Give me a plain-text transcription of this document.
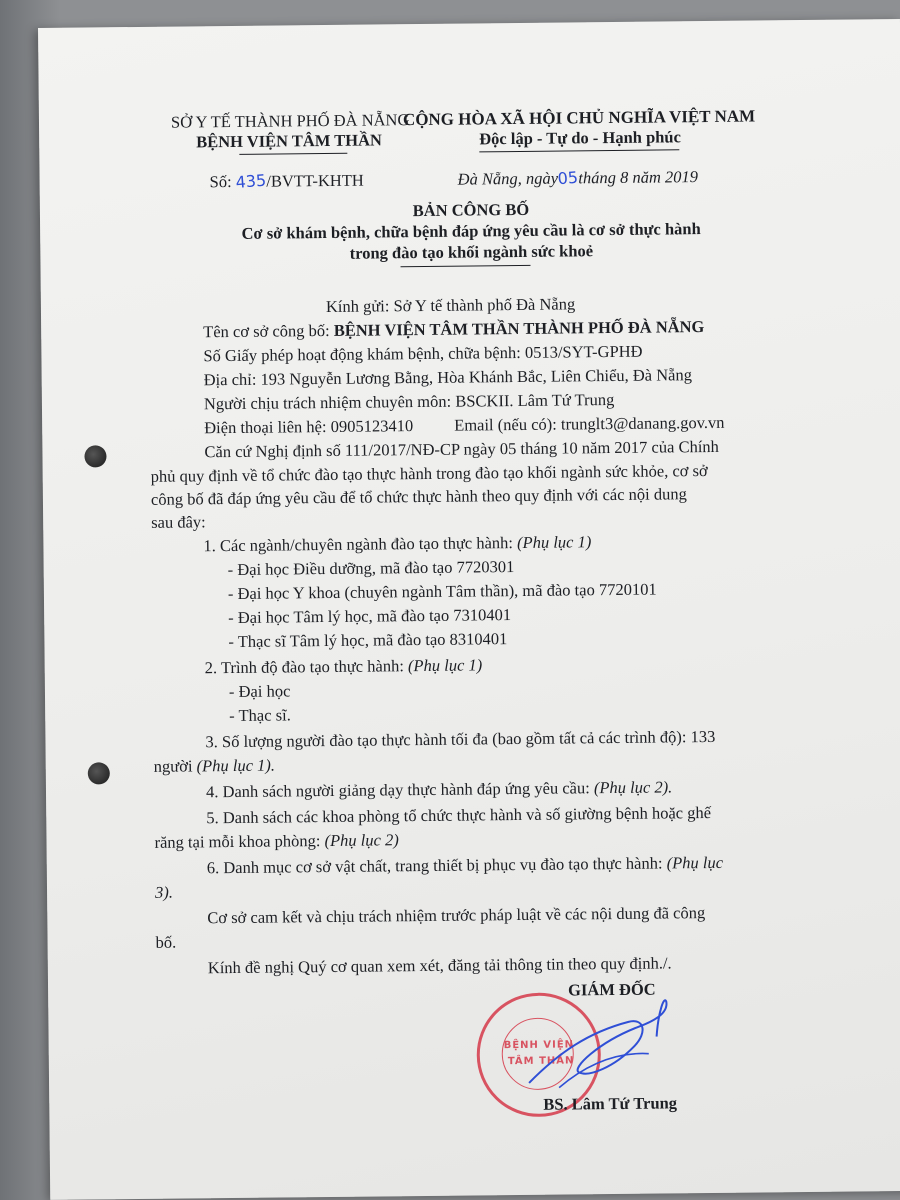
SỞ Y TẾ THÀNH PHỐ ĐÀ NẴNG
BỆNH VIỆN TÂM THẦN
CỘNG HÒA XÃ HỘI CHỦ NGHĨA VIỆT NAM
Độc lập - Tự do - Hạnh phúc
Số: 435/BVTT-KHTH	Đà Nẵng, ngày05tháng 8 năm 2019
BẢN CÔNG BỐ
Cơ sở khám bệnh, chữa bệnh đáp ứng yêu cầu là cơ sở thực hành
trong đào tạo khối ngành sức khoẻ
Kính gửi: Sở Y tế thành phố Đà Nẵng
Tên cơ sở công bố: BỆNH VIỆN TÂM THẦN THÀNH PHỐ ĐÀ NẴNG
Số Giấy phép hoạt động khám bệnh, chữa bệnh: 0513/SYT-GPHĐ
Địa chỉ: 193 Nguyễn Lương Bằng, Hòa Khánh Bắc, Liên Chiểu, Đà Nẵng
Người chịu trách nhiệm chuyên môn: BSCKII. Lâm Tứ Trung
Điện thoại liên hệ: 0905123410 Email (nếu có): trunglt3@danang.gov.vn
Căn cứ Nghị định số 111/2017/NĐ-CP ngày 05 tháng 10 năm 2017 của Chính
phủ quy định về tổ chức đào tạo thực hành trong đào tạo khối ngành sức khỏe, cơ sở
công bố đã đáp ứng yêu cầu để tổ chức thực hành theo quy định với các nội dung
sau đây:
1. Các ngành/chuyên ngành đào tạo thực hành: (Phụ lục 1)
- Đại học Điều dưỡng, mã đào tạo 7720301
- Đại học Y khoa (chuyên ngành Tâm thần), mã đào tạo 7720101
- Đại học Tâm lý học, mã đào tạo 7310401
- Thạc sĩ Tâm lý học, mã đào tạo 8310401
2. Trình độ đào tạo thực hành: (Phụ lục 1)
- Đại học
- Thạc sĩ.
3. Số lượng người đào tạo thực hành tối đa (bao gồm tất cả các trình độ): 133
người (Phụ lục 1).
4. Danh sách người giảng dạy thực hành đáp ứng yêu cầu: (Phụ lục 2).
5. Danh sách các khoa phòng tổ chức thực hành và số giường bệnh hoặc ghế
răng tại mỗi khoa phòng: (Phụ lục 2)
6. Danh mục cơ sở vật chất, trang thiết bị phục vụ đào tạo thực hành: (Phụ lục
3).
Cơ sở cam kết và chịu trách nhiệm trước pháp luật về các nội dung đã công
bố.
Kính đề nghị Quý cơ quan xem xét, đăng tải thông tin theo quy định./.
GIÁM ĐỐC
BỆNH VIỆN
TÂM THẦN
BS. Lâm Tứ Trung
